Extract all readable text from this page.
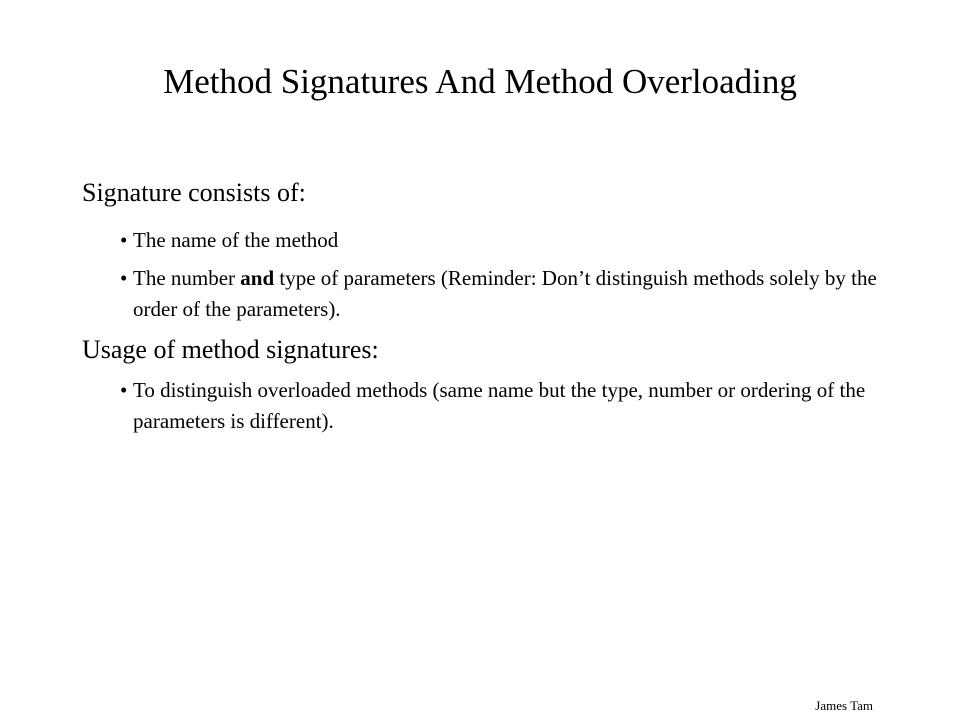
Method Signatures And Method Overloading

Signature consists of:

• The name of the method
• The number and type of parameters (Reminder: Don’t distinguish methods solely by the order of the parameters).

Usage of method signatures:

• To distinguish overloaded methods (same name but the type, number or ordering of the parameters is different).
James Tam
